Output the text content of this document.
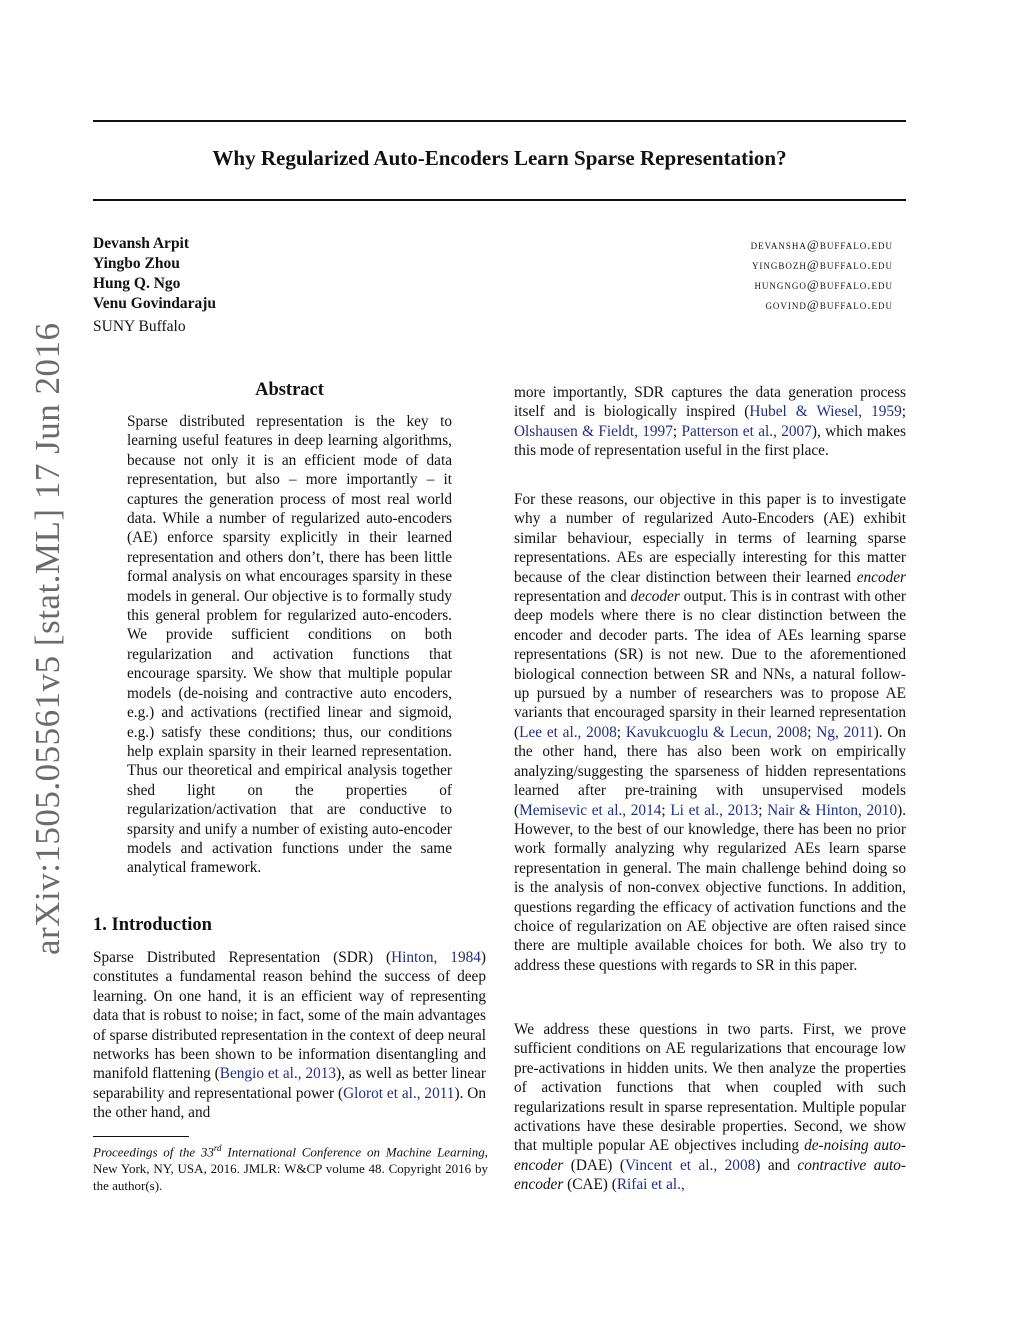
Why Regularized Auto-Encoders Learn Sparse Representation?
Devansh Arpit	devansha@buffalo.edu
Yingbo Zhou	yingbozh@buffalo.edu
Hung Q. Ngo	hungngo@buffalo.edu
Venu Govindaraju	govind@buffalo.edu
SUNY Buffalo
arXiv:1505.05561v5 [stat.ML] 17 Jun 2016	Abstract

Sparse distributed representation is the key to learning useful features in deep learning algorithms, because not only it is an efficient mode of data representation, but also – more importantly – it captures the generation process of most real world data. While a number of regularized auto-encoders (AE) enforce sparsity explicitly in their learned representation and others don’t, there has been little formal analysis on what encourages sparsity in these models in general. Our objective is to formally study this general problem for regularized auto-encoders. We provide sufficient conditions on both regularization and activation functions that encourage sparsity. We show that multiple popular models (de-noising and contractive auto encoders, e.g.) and activations (rectified linear and sigmoid, e.g.) satisfy these conditions; thus, our conditions help explain sparsity in their learned representation. Thus our theoretical and empirical analysis together shed light on the properties of regularization/activation that are conductive to sparsity and unify a number of existing auto-encoder models and activation functions under the same analytical framework.

1. Introduction

Sparse Distributed Representation (SDR) (Hinton, 1984) constitutes a fundamental reason behind the success of deep learning. On one hand, it is an efficient way of representing data that is robust to noise; in fact, some of the main advantages of sparse distributed representation in the context of deep neural networks has been shown to be information disentangling and manifold flattening (Bengio et al., 2013), as well as better linear separability and representational power (Glorot et al., 2011). On the other hand, and

Proceedings of the 33rd International Conference on Machine Learning, New York, NY, USA, 2016. JMLR: W&CP volume 48. Copyright 2016 by the author(s).

more importantly, SDR captures the data generation process itself and is biologically inspired (Hubel & Wiesel, 1959; Olshausen & Fieldt, 1997; Patterson et al., 2007), which makes this mode of representation useful in the first place.

For these reasons, our objective in this paper is to investigate why a number of regularized Auto-Encoders (AE) exhibit similar behaviour, especially in terms of learning sparse representations. AEs are especially interesting for this matter because of the clear distinction between their learned encoder representation and decoder output. This is in contrast with other deep models where there is no clear distinction between the encoder and decoder parts. The idea of AEs learning sparse representations (SR) is not new. Due to the aforementioned biological connection between SR and NNs, a natural follow-up pursued by a number of researchers was to propose AE variants that encouraged sparsity in their learned representation (Lee et al., 2008; Kavukcuoglu & Lecun, 2008; Ng, 2011). On the other hand, there has also been work on empirically analyzing/suggesting the sparseness of hidden representations learned after pre-training with unsupervised models (Memisevic et al., 2014; Li et al., 2013; Nair & Hinton, 2010). However, to the best of our knowledge, there has been no prior work formally analyzing why regularized AEs learn sparse representation in general. The main challenge behind doing so is the analysis of non-convex objective functions. In addition, questions regarding the efficacy of activation functions and the choice of regularization on AE objective are often raised since there are multiple available choices for both. We also try to address these questions with regards to SR in this paper.

We address these questions in two parts. First, we prove sufficient conditions on AE regularizations that encourage low pre-activations in hidden units. We then analyze the properties of activation functions that when coupled with such regularizations result in sparse representation. Multiple popular activations have these desirable properties. Second, we show that multiple popular AE objectives including de-noising auto-encoder (DAE) (Vincent et al., 2008) and contractive auto-encoder (CAE) (Rifai et al.,
